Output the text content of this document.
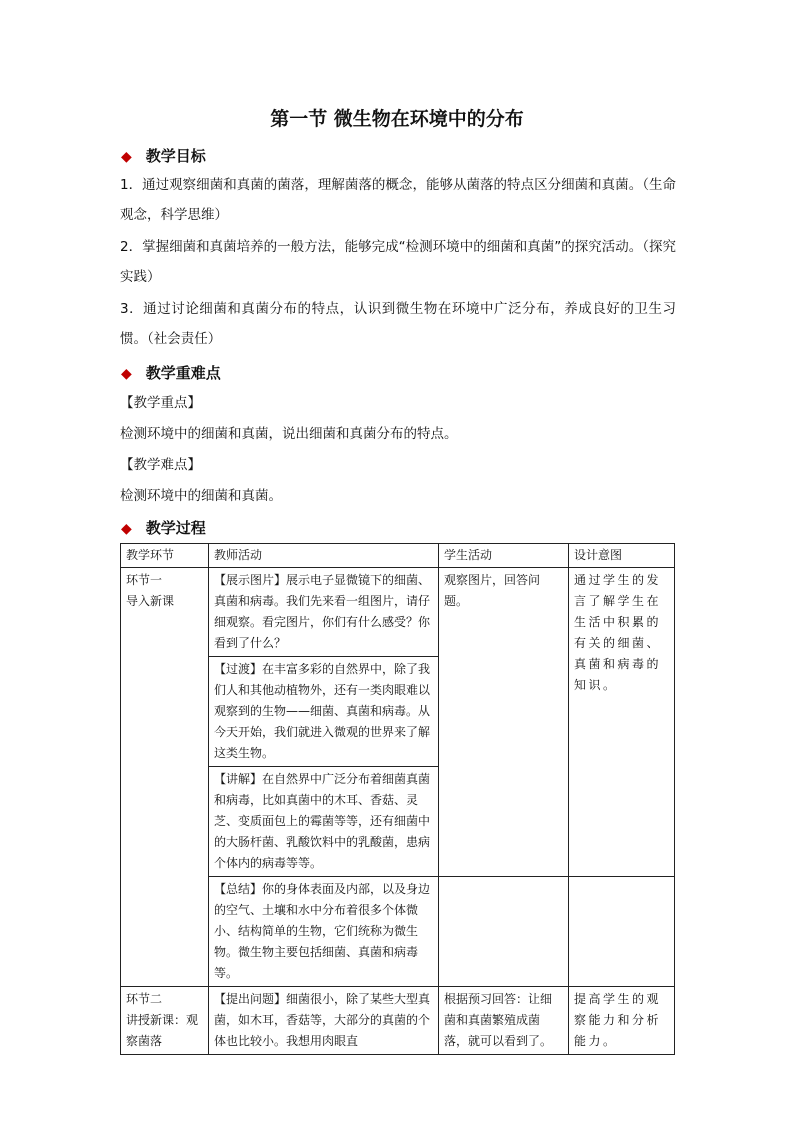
第一节 微生物在环境中的分布
◆ 教学目标
1．通过观察细菌和真菌的菌落，理解菌落的概念，能够从菌落的特点区分细菌和真菌。（生命观念，科学思维）
2．掌握细菌和真菌培养的一般方法，能够完成“检测环境中的细菌和真菌”的探究活动。（探究实践）
3．通过讨论细菌和真菌分布的特点，认识到微生物在环境中广泛分布，养成良好的卫生习惯。（社会责任）
◆ 教学重难点
【教学重点】
检测环境中的细菌和真菌，说出细菌和真菌分布的特点。
【教学难点】
检测环境中的细菌和真菌。
◆ 教学过程
教学环节	教师活动	学生活动	设计意图
环节一
导入新课	【展示图片】展示电子显微镜下的细菌、真菌和病毒。我们先来看一组图片，请仔细观察。看完图片，你们有什么感受？你看到了什么？	观察图片，回答问题。	通过学生的发言了解学生在生活中积累的有关的细菌、真菌和病毒的知识。
	【过渡】在丰富多彩的自然界中，除了我们人和其他动植物外，还有一类肉眼难以观察到的生物——细菌、真菌和病毒。从今天开始，我们就进入微观的世界来了解这类生物。		
	【讲解】在自然界中广泛分布着细菌真菌和病毒，比如真菌中的木耳、香菇、灵芝、变质面包上的霉菌等等，还有细菌中的大肠杆菌、乳酸饮料中的乳酸菌，患病个体内的病毒等等。		
	【总结】你的身体表面及内部，以及身边的空气、土壤和水中分布着很多个体微小、结构简单的生物，它们统称为微生物。微生物主要包括细菌、真菌和病毒等。		
环节二
讲授新课：观察菌落	【提出问题】细菌很小，除了某些大型真菌，如木耳，香菇等，大部分的真菌的个体也比较小。我想用肉眼直	根据预习回答：让细菌和真菌繁殖成菌落，就可以看到了。	提高学生的观察能力和分析能力。
